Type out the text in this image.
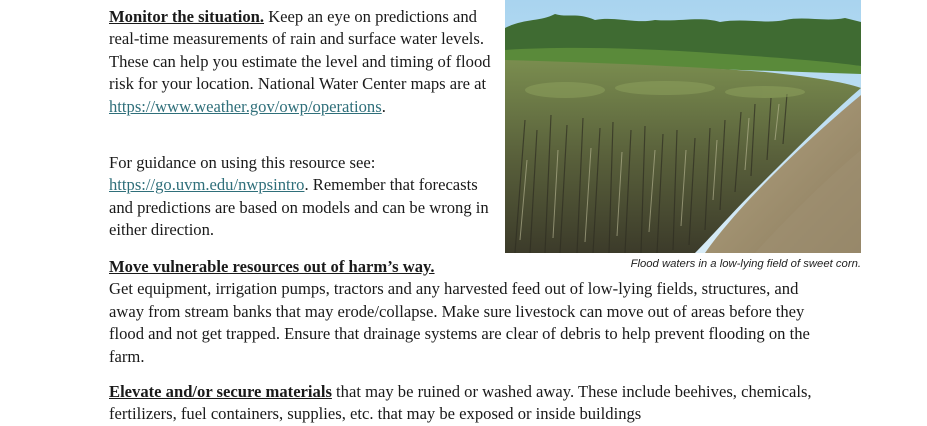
Monitor the situation. Keep an eye on predictions and real-time measurements of rain and surface water levels. These can help you estimate the level and timing of flood risk for your location. National Water Center maps are at https://www.weather.gov/owp/operations.

For guidance on using this resource see: https://go.uvm.edu/nwpsintro. Remember that forecasts and predictions are based on models and can be wrong in either direction.

Flood waters in a low-lying field of sweet corn.

Move vulnerable resources out of harm’s way.
Get equipment, irrigation pumps, tractors and any harvested feed out of low-lying fields, structures, and away from stream banks that may erode/collapse. Make sure livestock can move out of areas before they flood and not get trapped. Ensure that drainage systems are clear of debris to help prevent flooding on the farm.

Elevate and/or secure materials that may be ruined or washed away. These include beehives, chemicals, fertilizers, fuel containers, supplies, etc. that may be exposed or inside buildings
